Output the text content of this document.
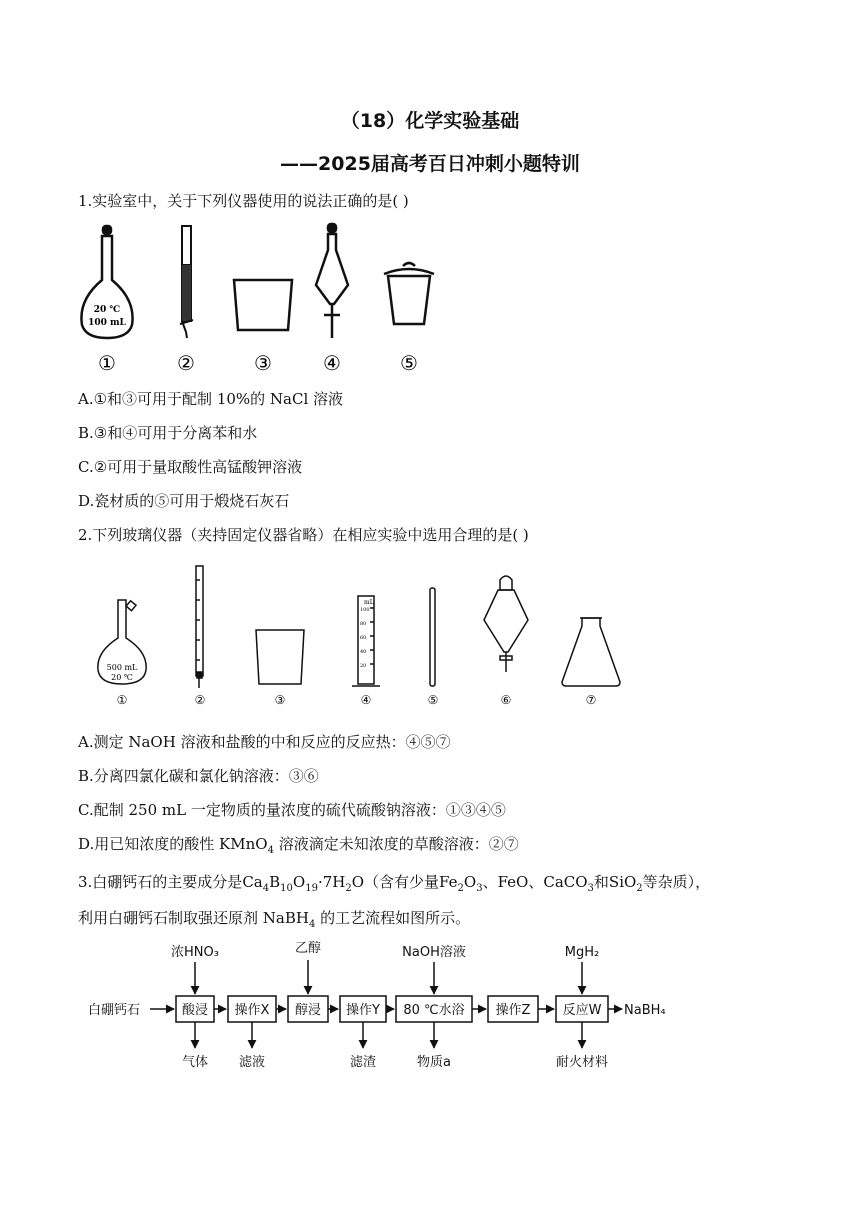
（18）化学实验基础
——2025届高考百日冲刺小题特训
1.实验室中，关于下列仪器使用的说法正确的是( )
20 ℃
100 mL
①	②	③	④	⑤
A.①和③可用于配制 10%的 NaCl 溶液
B.③和④可用于分离苯和水
C.②可用于量取酸性高锰酸钾溶液
D.瓷材质的⑤可用于煅烧石灰石
2.下列玻璃仪器（夹持固定仪器省略）在相应实验中选用合理的是( )
500 mL
20 ℃
mL
100
80
60
40
20
①	②	③	④	⑤	⑥	⑦
A.测定 NaOH 溶液和盐酸的中和反应的反应热：④⑤⑦
B.分离四氯化碳和氯化钠溶液：③⑥
C.配制 250 mL 一定物质的量浓度的硫代硫酸钠溶液：①③④⑤
D.用已知浓度的酸性 KMnO$_4$ 溶液滴定未知浓度的草酸溶液：②⑦
3.白硼钙石的主要成分是$Ca_4B_{10}O_{19}\cdot 7H_2O$（含有少量$Fe_2O_3$、FeO、CaCO$_3$和SiO$_2$等杂质），
利用白硼钙石制取强还原剂 NaBH$_4$ 的工艺流程如图所示。
白硼钙石	酸浸 操作X 醇浸 操作Y 80 ℃水浴 操作Z 反应W NaBH₄
浓HNO₃	乙醇	NaOH溶液	MgH₂
气体 滤液	滤渣	物质a	耐火材料
